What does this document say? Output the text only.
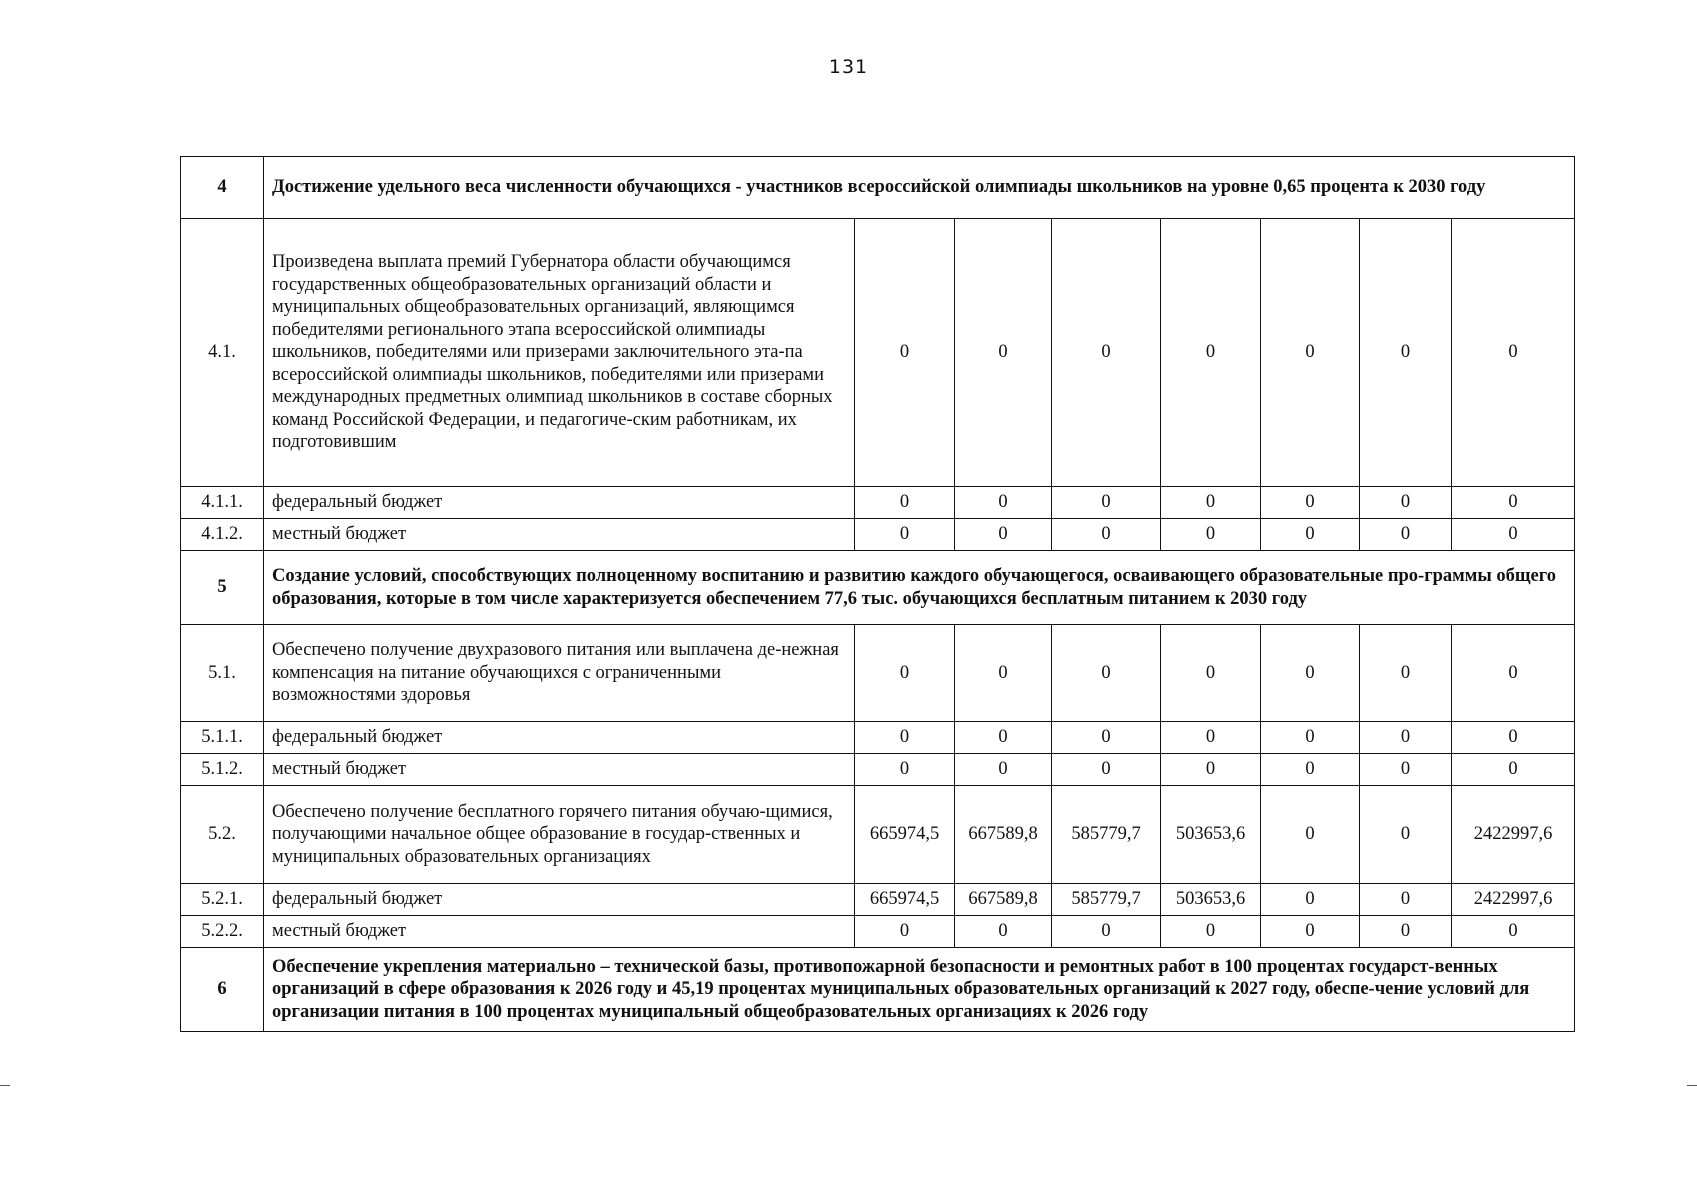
131
4	Достижение удельного веса численности обучающихся - участников всероссийской олимпиады школьников на уровне 0,65 процента к 2030 году							
4.1.	Произведена выплата премий Губернатора области обучающимся государственных общеобразовательных организаций области и муниципальных общеобразовательных организаций, являющимся победителями регионального этапа всероссийской олимпиады школьников, победителями или призерами заключительного эта-па всероссийской олимпиады школьников, победителями или призерами международных предметных олимпиад школьников в составе сборных команд Российской Федерации, и педагогиче-ским работникам, их подготовившим	0	0	0	0	0	0	0
4.1.1.	федеральный бюджет	0	0	0	0	0	0	0
4.1.2.	местный бюджет	0	0	0	0	0	0	0
5	Создание условий, способствующих полноценному воспитанию и развитию каждого обучающегося, осваивающего образовательные про-граммы общего образования, которые в том числе характеризуется обеспечением 77,6 тыс. обучающихся бесплатным питанием к 2030 году							
5.1.	Обеспечено получение двухразового питания или выплачена де-нежная компенсация на питание обучающихся с ограниченными возможностями здоровья	0	0	0	0	0	0	0
5.1.1.	федеральный бюджет	0	0	0	0	0	0	0
5.1.2.	местный бюджет	0	0	0	0	0	0	0
5.2.	Обеспечено получение бесплатного горячего питания обучаю-щимися, получающими начальное общее образование в государ-ственных и муниципальных образовательных организациях	665974,5	667589,8	585779,7	503653,6	0	0	2422997,6
5.2.1.	федеральный бюджет	665974,5	667589,8	585779,7	503653,6	0	0	2422997,6
5.2.2.	местный бюджет	0	0	0	0	0	0	0
6	Обеспечение укрепления материально – технической базы, противопожарной безопасности и ремонтных работ в 100 процентах государст-венных организаций в сфере образования к 2026 году и 45,19 процентах муниципальных образовательных организаций к 2027 году, обеспе-чение условий для организации питания в 100 процентах муниципальный общеобразовательных организациях к 2026 году							
